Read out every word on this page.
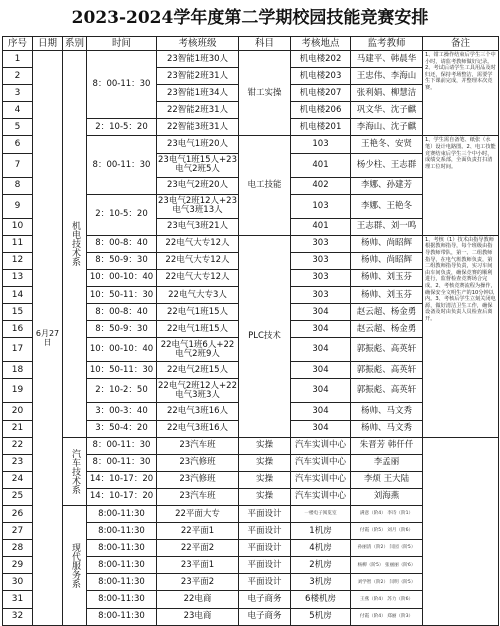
2023-2024学年度第二学期校园技能竞赛安排
序号	日期	系别	时间	考核班级	科目	考核地点	监考教师	备注
1	6月27日	机电技术系	8：00-11：30	23智能1班30人	钳工实操	机电楼202	马建平、韩晨华	1、钳工操作结束后学生三个中小时，请监考教师做好记录。2、考试后请学生工具用品及时归还，保持考场整洁，需要学生下课前完成，并整理本次竞赛。
2				23智能2班31人		机电楼203	王忠伟、李海山	
3				23智能1班34人		机电楼207	张利娟、柳慧洁	
4				22智能2班31人		机电楼206	巩文华、沈子麒	
5			2：10-5：20	22智能3班31人		机电楼201	李海山、沈子麒	
6			8：00-11：30	23电气1班20人	电工技能	103	王艳冬、安贤	1、学生需自备笔、纸张（水笔）设计电路图。2、电工技能竞赛结束后学生三个中小时，成绩交系部，全面负责打扫清理工位时间。
7				23电气1班15人+23电气2班5人		401	杨少柱、王志群	
8				23电气2班20人		402	李娜、孙建芳	
9			2：10-5：20	23电气2班12人+23电气3班13人		103	李娜、王艳冬	
10				23电气3班21人		401	王志群、刘一鸣	
11			8：00-8：40	22电气大专12人	PLC技术	303	杨帅、尚昭辉	1、考核（1）技术由指导教师根据教师指导，每个班级由指导教师带队，第一、二组教师指导，在电气班教师负责，第二组教师指导负责，实习车间由车间负责，确保竞赛的顺利进行，监督检查竞赛场合完成。2、考核竞赛流程为操作，确保安全文明生产的10分钟以内。3、考核后学生立刻关闭电源，做好清洁卫生工作，确保设备及时由负责人员检查后离开。
12			8：50-9：30	22电气大专12人		303	杨帅、尚昭辉	
13			10：00-10：40	22电气大专12人		303	杨帅、刘玉芬	
14			10：50-11：30	22电气大专3人		303	杨帅、刘玉芬	
15			8：00-8：40	22电气1班15人		304	赵云超、杨金勇	
16			8：50-9：30	22电气1班15人		304	赵云超、杨金勇	
17			10：00-10：40	22电气1班6人+22电气2班9人		304	郭振彪、高英轩	
18			10：50-11：30	22电气2班15人		304	郭振彪、高英轩	
19			2：10-2：50	22电气2班12人+22电气3班3人		304	郭振彪、高英轩	
20			3：00-3：40	22电气3班16人		304	杨帅、马文秀	
21			3：50-4：20	22电气3班16人		304	杨帅、马文秀	
22		汽车技术系	8：00-11：30	23汽车班	实操	汽车实训中心	朱晋芳 韩仟仟	
23			8：00-11：30	23汽修班	实操	汽车实训中心	李孟丽	
24			14：10-17：20	23汽修班	实操	汽车实训中心	李烦 王大陆	
25			14：10-17：20	23汽车班	实操	汽车实训中心	刘海燕	
26		现代服务系	8:00-11:30	22平面大专	平面设计	一楼电子阅览室	满意（阶4） 李诗（阶1）	
27			8:00-11:30	22平面1	平面设计	1机房	付霞（阶5） 刘月（阶6）	
28			8:00-11:30	22平面2	平面设计	4机房	孙丽清（阶2） 闫园（阶5）	
29			8:00-11:30	23平面1	平面设计	2机房	杨柳（阶5） 张丽丽（阶6）	
30			8:00-11:30	23平面2	平面设计	3机房	刘学智（阶2） 闫明（阶5）	
31			8:00-11:30	22电商	电子商务	6楼机房	王燕（阶4） 苏力（阶6）	
32			8:00-11:30	23电商	电子商务	5机房	付霞（阶4） 郑丽（阶3）	
